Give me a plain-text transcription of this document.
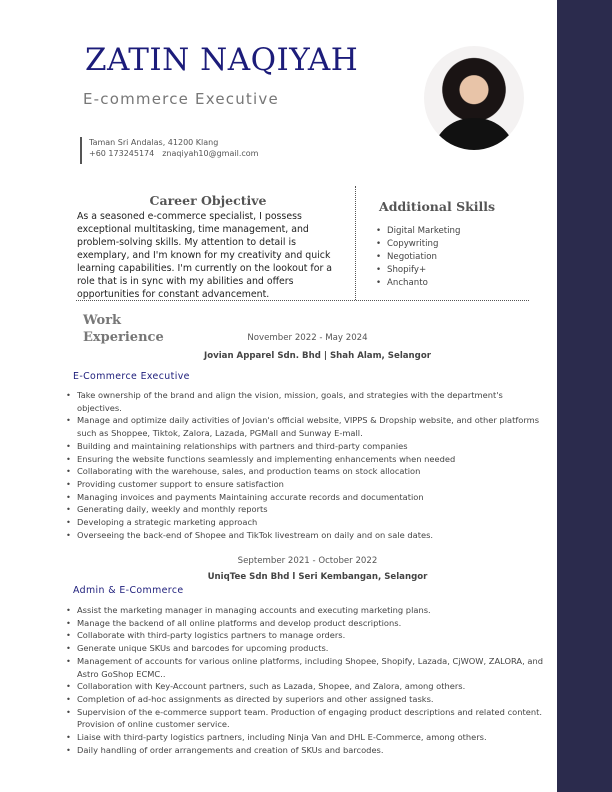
ZATIN NAQIYAH
E-commerce Executive
Taman Sri Andalas, 41200 Klang
+60 173245174 znaqiyah10@gmail.com
Career Objective

As a seasoned e-commerce specialist, I possess exceptional multitasking, time management, and problem-solving skills. My attention to detail is exemplary, and I'm known for my creativity and quick learning capabilities. I'm currently on the lookout for a role that is in sync with my abilities and offers opportunities for constant advancement.

Additional Skills
• Digital Marketing
• Copywriting
• Negotiation
• Shopify+
• Anchanto
Work
Experience	November 2022 - May 2024
Jovian Apparel Sdn. Bhd | Shah Alam, Selangor
E-Commerce Executive
• Take ownership of the brand and align the vision, mission, goals, and strategies with the department's objectives.
• Manage and optimize daily activities of Jovian's official website, VIPPS & Dropship website, and other platforms such as Shoppee, Tiktok, Zalora, Lazada, PGMall and Sunway E-mall.
• Building and maintaining relationships with partners and third-party companies
• Ensuring the website functions seamlessly and implementing enhancements when needed
• Collaborating with the warehouse, sales, and production teams on stock allocation
• Providing customer support to ensure satisfaction
• Managing invoices and payments Maintaining accurate records and documentation
• Generating daily, weekly and monthly reports
• Developing a strategic marketing approach
• Overseeing the back-end of Shopee and TikTok livestream on daily and on sale dates.
September 2021 - October 2022
UniqTee Sdn Bhd l Seri Kembangan, Selangor
Admin & E-Commerce
• Assist the marketing manager in managing accounts and executing marketing plans.
• Manage the backend of all online platforms and develop product descriptions.
• Collaborate with third-party logistics partners to manage orders.
• Generate unique SKUs and barcodes for upcoming products.
• Management of accounts for various online platforms, including Shopee, Shopify, Lazada, CjWOW, ZALORA, and Astro GoShop ECMC..
• Collaboration with Key-Account partners, such as Lazada, Shopee, and Zalora, among others.
• Completion of ad-hoc assignments as directed by superiors and other assigned tasks.
• Supervision of the e-commerce support team. Production of engaging product descriptions and related content. Provision of online customer service.
• Liaise with third-party logistics partners, including Ninja Van and DHL E-Commerce, among others.
• Daily handling of order arrangements and creation of SKUs and barcodes.
